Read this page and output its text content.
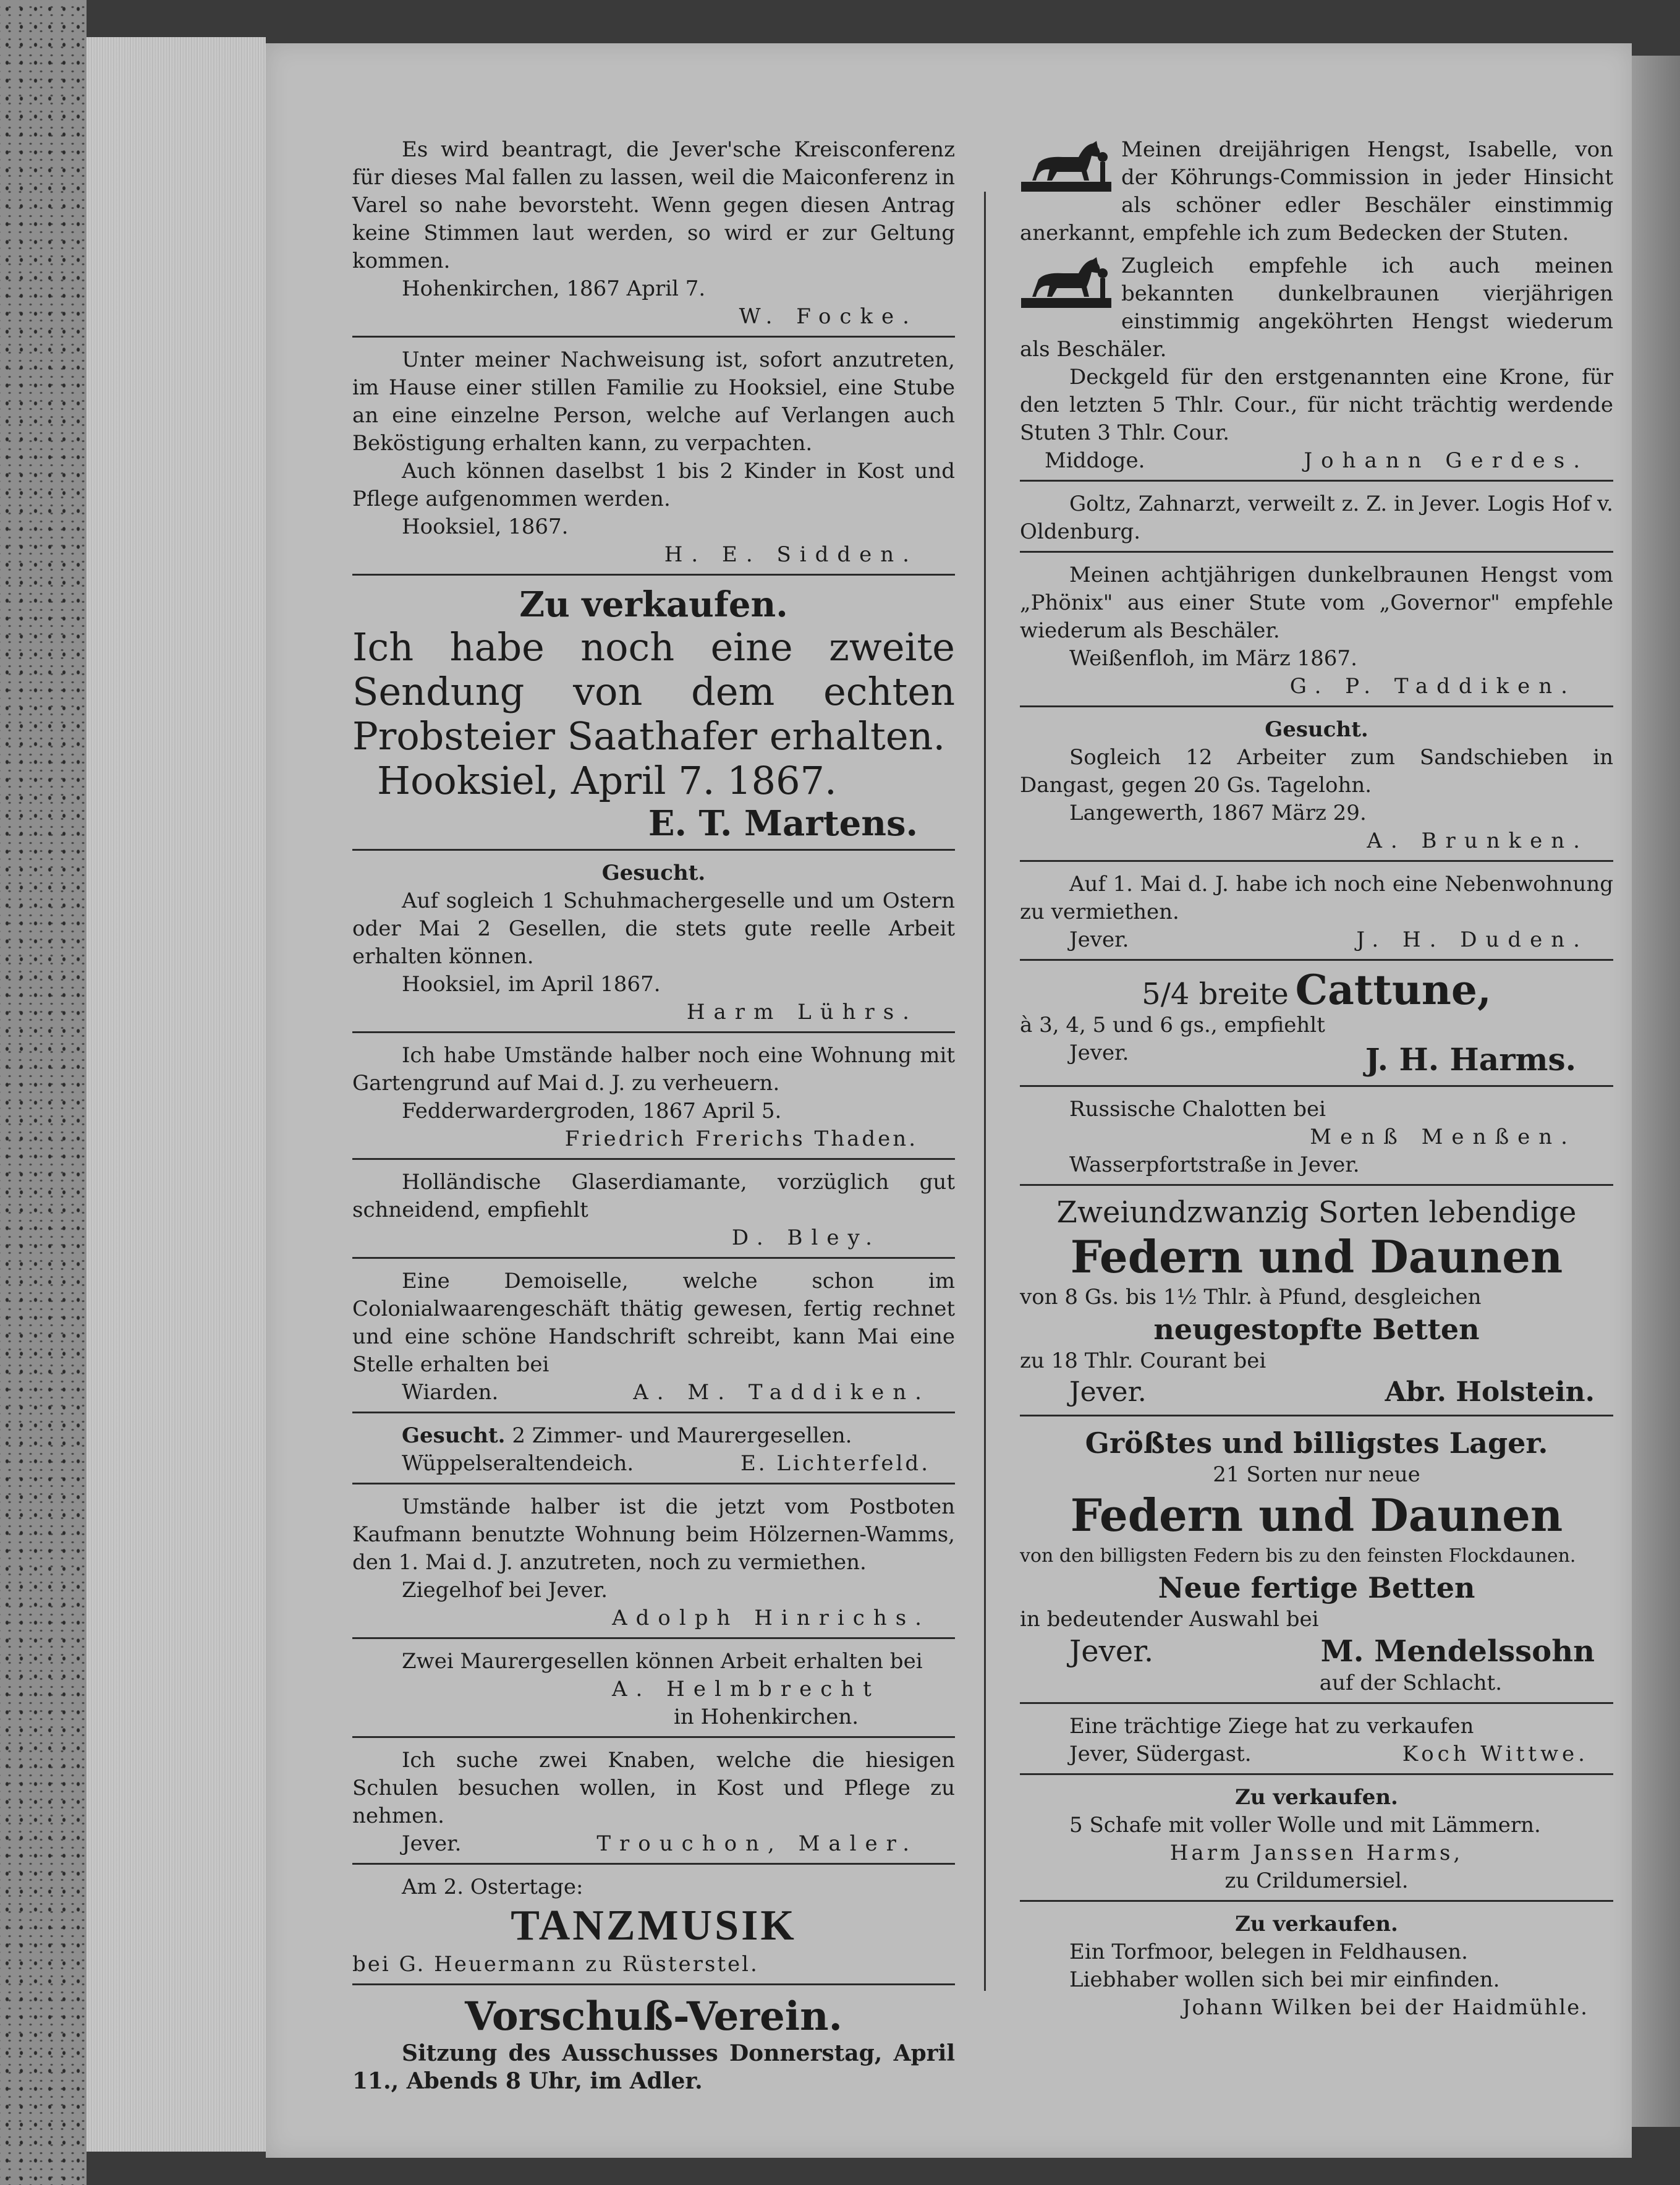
Es wird beantragt, die Jever'sche Kreisconferenz für dieses Mal fallen zu lassen, weil die Maiconferenz in Varel so nahe bevorsteht. Wenn gegen diesen Antrag keine Stimmen laut werden, so wird er zur Geltung kommen.
Hohenkirchen, 1867 April 7.
W. Focke.
Unter meiner Nachweisung ist, sofort anzutreten, im Hause einer stillen Familie zu Hooksiel, eine Stube an eine einzelne Person, welche auf Verlangen auch Beköstigung erhalten kann, zu verpachten.
Auch können daselbst 1 bis 2 Kinder in Kost und Pflege aufgenommen werden.
Hooksiel, 1867.
H. E. Sidden.
Zu verkaufen.
Ich habe noch eine zweite Sendung von dem echten Probsteier Saathafer erhalten.
Hooksiel, April 7. 1867.
E. T. Martens.
Gesucht.
Auf sogleich 1 Schuhmachergeselle und um Ostern oder Mai 2 Gesellen, die stets gute reelle Arbeit erhalten können.
Hooksiel, im April 1867.
Harm Lührs.
Ich habe Umstände halber noch eine Wohnung mit Gartengrund auf Mai d. J. zu verheuern.
Fedderwardergroden, 1867 April 5.
Friedrich Frerichs Thaden.
Holländische Glaserdiamante, vorzüglich gut schneidend, empfiehlt
D. Bley.
Eine Demoiselle, welche schon im Colonialwaarengeschäft thätig gewesen, fertig rechnet und eine schöne Handschrift schreibt, kann Mai eine Stelle erhalten bei
Wiarden.	A. M. Taddiken.
Gesucht. 2 Zimmer- und Maurergesellen.
Wüppelseraltendeich.	E. Lichterfeld.
Umstände halber ist die jetzt vom Postboten Kaufmann benutzte Wohnung beim Hölzernen-Wamms, den 1. Mai d. J. anzutreten, noch zu vermiethen.
Ziegelhof bei Jever.
Adolph Hinrichs.
Zwei Maurergesellen können Arbeit erhalten bei
A. Helmbrecht
in Hohenkirchen.
Ich suche zwei Knaben, welche die hiesigen Schulen besuchen wollen, in Kost und Pflege zu nehmen.
Jever.	Trouchon, Maler.
Am 2. Ostertage:
TANZMUSIK
bei G. Heuermann zu Rüsterstel.
Vorschuß-Verein.
Sitzung des Ausschusses Donnerstag, April 11., Abends 8 Uhr, im Adler.
Meinen dreijährigen Hengst, Isabelle, von der Köhrungs-Commission in jeder Hinsicht als schöner edler Beschäler einstimmig anerkannt, empfehle ich zum Bedecken der Stuten.
Zugleich empfehle ich auch meinen bekannten dunkelbraunen vierjährigen einstimmig angeköhrten Hengst wiederum als Beschäler.
Deckgeld für den erstgenannten eine Krone, für den letzten 5 Thlr. Cour., für nicht trächtig werdende Stuten 3 Thlr. Cour.
Middoge.	Johann Gerdes.
Goltz, Zahnarzt, verweilt z. Z. in Jever. Logis Hof v. Oldenburg.
Meinen achtjährigen dunkelbraunen Hengst vom „Phönix" aus einer Stute vom „Governor" empfehle wiederum als Beschäler.
Weißenfloh, im März 1867.
G. P. Taddiken.
Gesucht.
Sogleich 12 Arbeiter zum Sandschieben in Dangast, gegen 20 Gs. Tagelohn.
Langewerth, 1867 März 29.
A. Brunken.
Auf 1. Mai d. J. habe ich noch eine Nebenwohnung zu vermiethen.
Jever.	J. H. Duden.
5/4 breite Cattune,
à 3, 4, 5 und 6 gs., empfiehlt
Jever.	J. H. Harms.
Russische Chalotten bei
Menß Menßen.
Wasserpfortstraße in Jever.
Zweiundzwanzig Sorten lebendige
Federn und Daunen
von 8 Gs. bis 1½ Thlr. à Pfund, desgleichen
neugestopfte Betten
zu 18 Thlr. Courant bei
Jever.	Abr. Holstein.
Größtes und billigstes Lager.
21 Sorten nur neue
Federn und Daunen
von den billigsten Federn bis zu den feinsten Flockdaunen.
Neue fertige Betten
in bedeutender Auswahl bei
Jever.	M. Mendelssohn
auf der Schlacht.
Eine trächtige Ziege hat zu verkaufen
Jever, Südergast.	Koch Wittwe.
Zu verkaufen.
5 Schafe mit voller Wolle und mit Lämmern.
Harm Janssen Harms,
zu Crildumersiel.
Zu verkaufen.
Ein Torfmoor, belegen in Feldhausen.
Liebhaber wollen sich bei mir einfinden.
Johann Wilken bei der Haidmühle.
